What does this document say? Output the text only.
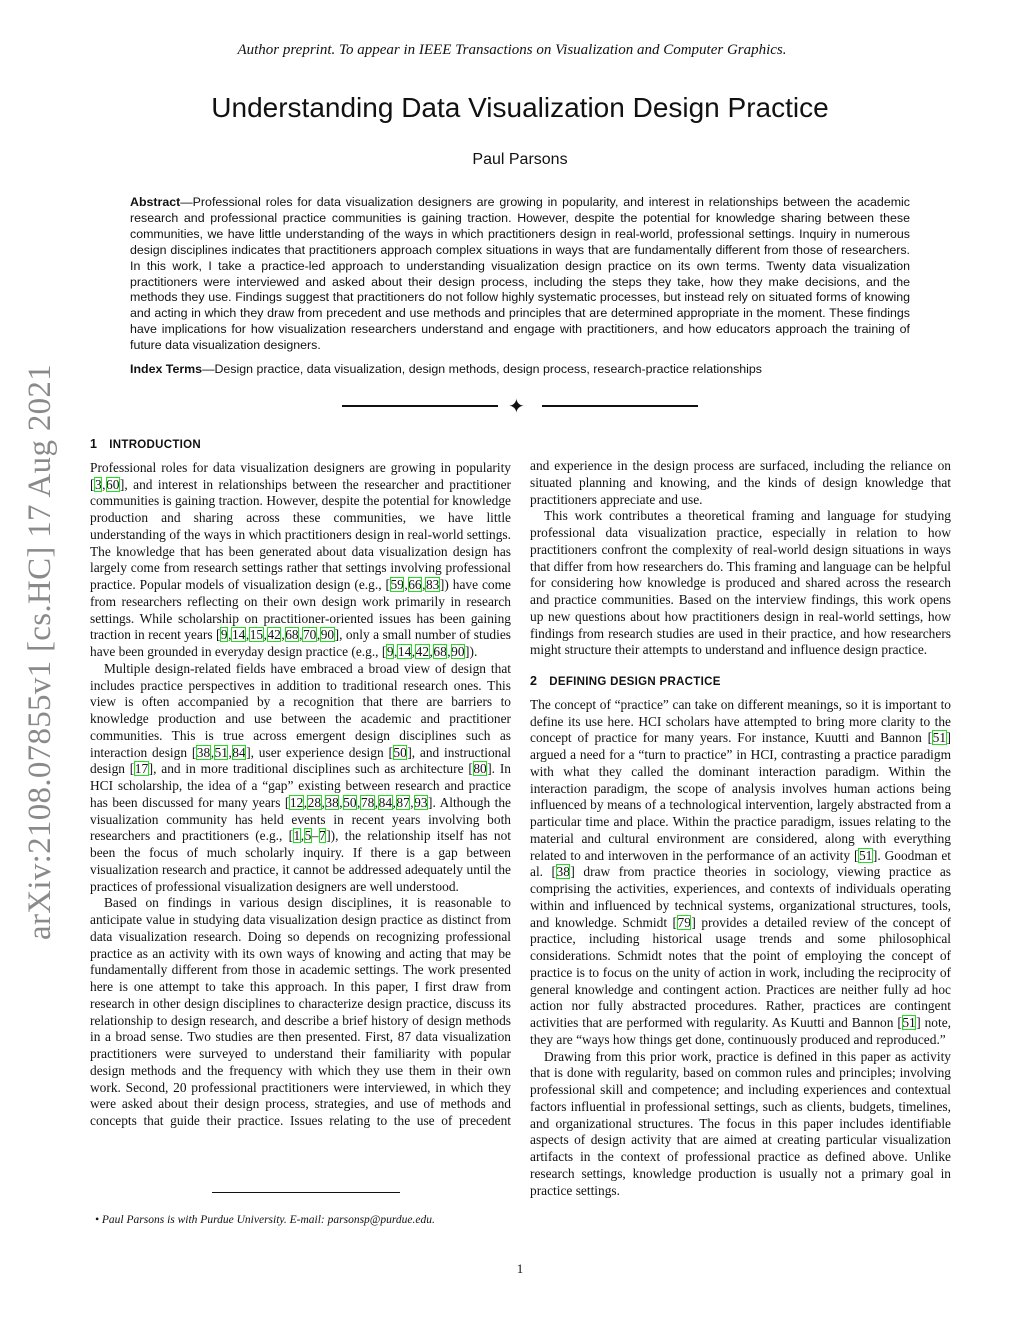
Author preprint. To appear in IEEE Transactions on Visualization and Computer Graphics.
Understanding Data Visualization Design Practice
Paul Parsons

Abstract—Professional roles for data visualization designers are growing in popularity, and interest in relationships between the academic research and professional practice communities is gaining traction. However, despite the potential for knowledge sharing between these communities, we have little understanding of the ways in which practitioners design in real-world, professional settings. Inquiry in numerous design disciplines indicates that practitioners approach complex situations in ways that are fundamentally different from those of researchers. In this work, I take a practice-led approach to understanding visualization design practice on its own terms. Twenty data visualization practitioners were interviewed and asked about their design process, including the steps they take, how they make decisions, and the methods they use. Findings suggest that practitioners do not follow highly systematic processes, but instead rely on situated forms of knowing and acting in which they draw from precedent and use methods and principles that are determined appropriate in the moment. These findings have implications for how visualization researchers understand and engage with practitioners, and how educators approach the training of future data visualization designers.

Index Terms—Design practice, data visualization, design methods, design process, research-practice relationships

✦
arXiv:2108.07855v1 [cs.HC] 17 Aug 2021	1 INTRODUCTION

Professional roles for data visualization designers are growing in popularity [3,60], and interest in relationships between the researcher and practitioner communities is gaining traction. However, despite the potential for knowledge production and sharing across these communities, we have little understanding of the ways in which practitioners design in real-world settings. The knowledge that has been generated about data visualization design has largely come from research settings rather that settings involving professional practice. Popular models of visualization design (e.g., [59,66,83]) have come from researchers reflecting on their own design work primarily in research settings. While scholarship on practitioner-oriented issues has been gaining traction in recent years [9,14,15,42,68,70,90], only a small number of studies have been grounded in everyday design practice (e.g., [9,14,42,68,90]).

Multiple design-related fields have embraced a broad view of design that includes practice perspectives in addition to traditional research ones. This view is often accompanied by a recognition that there are barriers to knowledge production and use between the academic and practitioner communities. This is true across emergent design disciplines such as interaction design [38,51,84], user experience design [50], and instructional design [17], and in more traditional disciplines such as architecture [80]. In HCI scholarship, the idea of a “gap” existing between research and practice has been discussed for many years [12,28,38,50,78,84,87,93]. Although the visualization community has held events in recent years involving both researchers and practitioners (e.g., [1,5–7]), the relationship itself has not been the focus of much scholarly inquiry. If there is a gap between visualization research and practice, it cannot be addressed adequately until the practices of professional visualization designers are well understood.

Based on findings in various design disciplines, it is reasonable to anticipate value in studying data visualization design practice as distinct from data visualization research. Doing so depends on recognizing professional practice as an activity with its own ways of knowing and acting that may be fundamentally different from those in academic settings. The work presented here is one attempt to take this approach. In this paper, I first draw from research in other design disciplines to characterize design practice, discuss its relationship to design research, and describe a brief history of design methods in a broad sense. Two studies are then presented. First, 87 data visualization practitioners were surveyed to understand their familiarity with popular design methods and the frequency with which they use them in their own work. Second, 20 professional practitioners were interviewed, in which they were asked about their design process, strategies, and use of methods and concepts that guide their practice. Issues relating to the use of precedent

and experience in the design process are surfaced, including the reliance on situated planning and knowing, and the kinds of design knowledge that practitioners appreciate and use.

This work contributes a theoretical framing and language for studying professional data visualization practice, especially in relation to how practitioners confront the complexity of real-world design situations in ways that differ from how researchers do. This framing and language can be helpful for considering how knowledge is produced and shared across the research and practice communities. Based on the interview findings, this work opens up new questions about how practitioners design in real-world settings, how findings from research studies are used in their practice, and how researchers might structure their attempts to understand and influence design practice.

2 DEFINING DESIGN PRACTICE

The concept of “practice” can take on different meanings, so it is important to define its use here. HCI scholars have attempted to bring more clarity to the concept of practice for many years. For instance, Kuutti and Bannon [51] argued a need for a “turn to practice” in HCI, contrasting a practice paradigm with what they called the dominant interaction paradigm. Within the interaction paradigm, the scope of analysis involves human actions being influenced by means of a technological intervention, largely abstracted from a particular time and place. Within the practice paradigm, issues relating to the material and cultural environment are considered, along with everything related to and interwoven in the performance of an activity [51]. Goodman et al. [38] draw from practice theories in sociology, viewing practice as comprising the activities, experiences, and contexts of individuals operating within and influenced by technical systems, organizational structures, tools, and knowledge. Schmidt [79] provides a detailed review of the concept of practice, including historical usage trends and some philosophical considerations. Schmidt notes that the point of employing the concept of practice is to focus on the unity of action in work, including the reciprocity of general knowledge and contingent action. Practices are neither fully ad hoc action nor fully abstracted procedures. Rather, practices are contingent activities that are performed with regularity. As Kuutti and Bannon [51] note, they are “ways how things get done, continuously produced and reproduced.”

Drawing from this prior work, practice is defined in this paper as activity that is done with regularity, based on common rules and principles; involving professional skill and competence; and including experiences and contextual factors influential in professional settings, such as clients, budgets, timelines, and organizational structures. The focus in this paper includes identifiable aspects of design activity that are aimed at creating particular visualization artifacts in the context of professional practice as defined above. Unlike research settings, knowledge production is usually not a primary goal in practice settings.

• Paul Parsons is with Purdue University. E-mail: parsonsp@purdue.edu.
1
